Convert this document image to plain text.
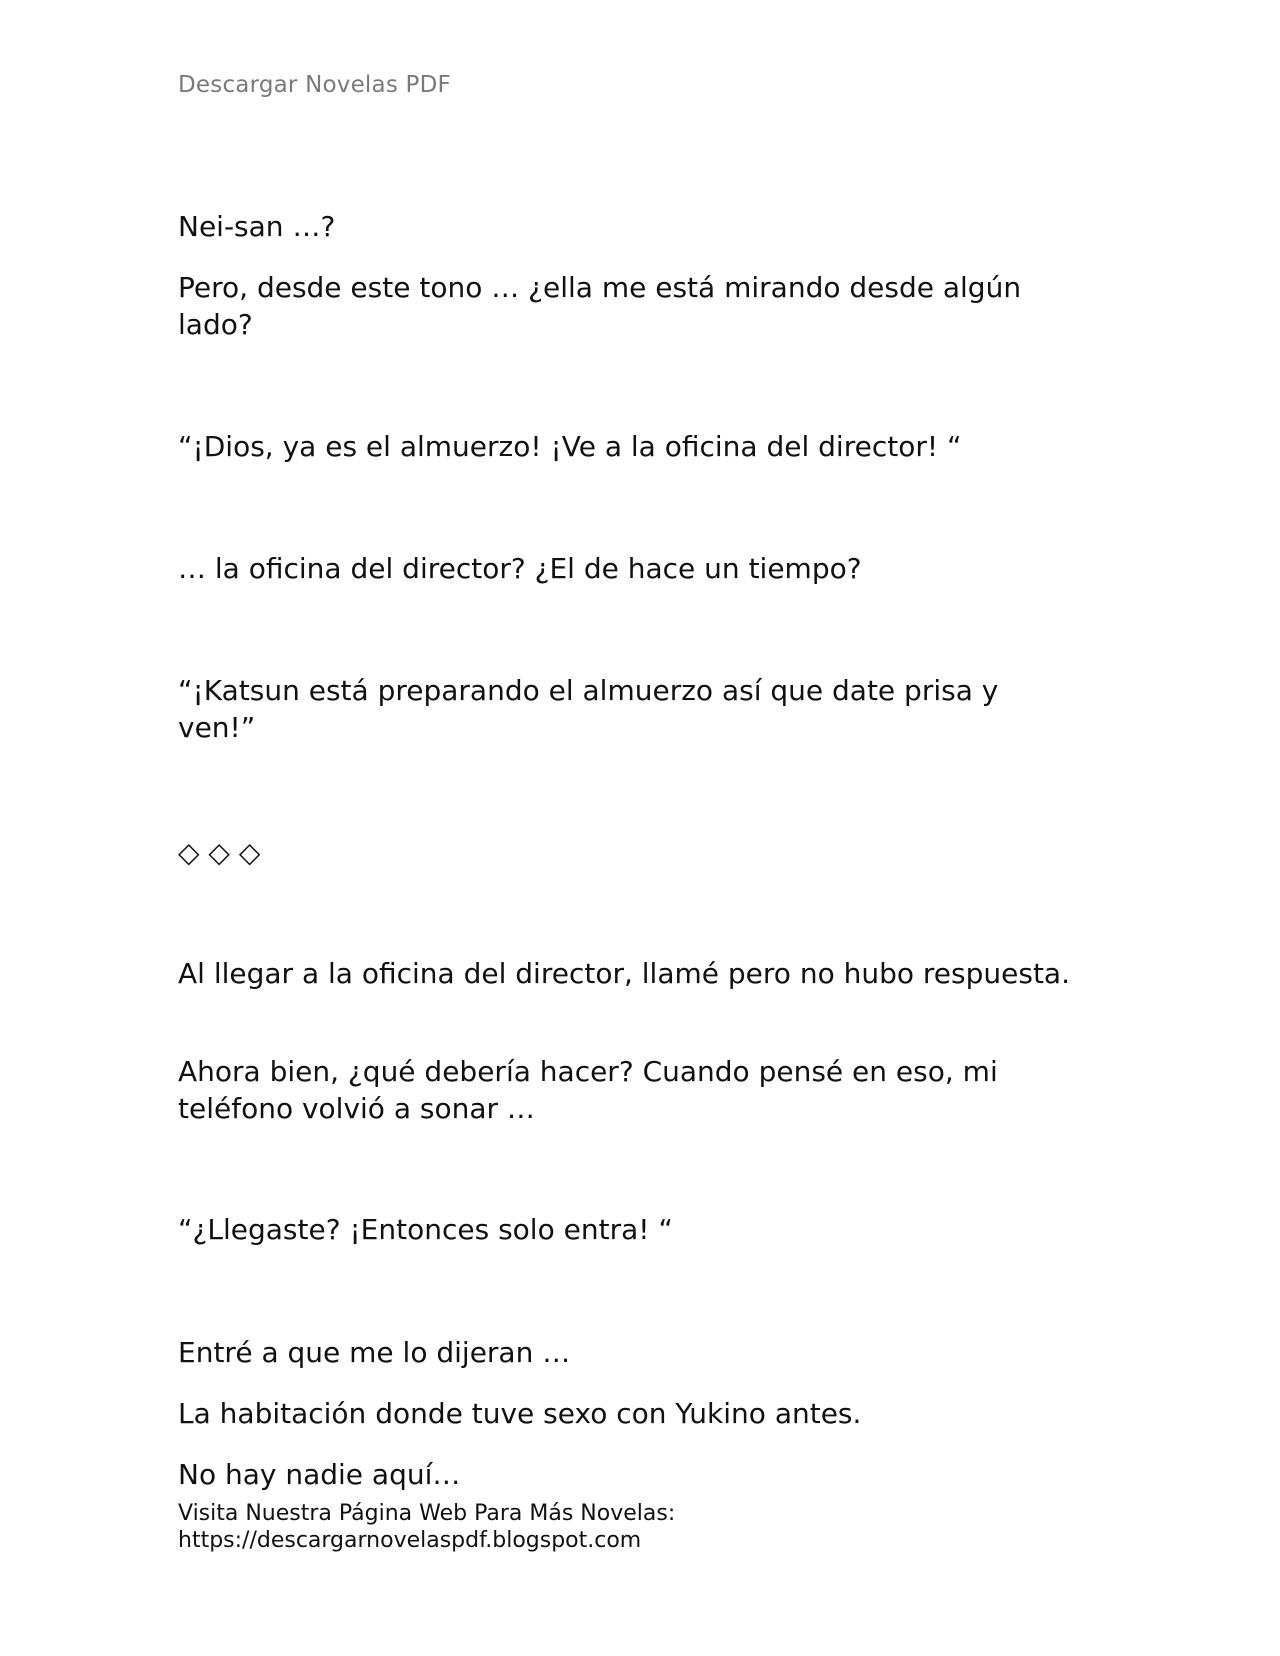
Descargar Novelas PDF

Nei-san …?

Pero, desde este tono … ¿ella me está mirando desde algún lado?

“¡Dios, ya es el almuerzo! ¡Ve a la oficina del director! “

… la oficina del director? ¿El de hace un tiempo?

“¡Katsun está preparando el almuerzo así que date prisa y ven!”

◇ ◇ ◇

Al llegar a la oficina del director, llamé pero no hubo respuesta.

Ahora bien, ¿qué debería hacer? Cuando pensé en eso, mi teléfono volvió a sonar …

“¿Llegaste? ¡Entonces solo entra! “

Entré a que me lo dijeran …

La habitación donde tuve sexo con Yukino antes.

No hay nadie aquí…

Visita Nuestra Página Web Para Más Novelas:
https://descargarnovelaspdf.blogspot.com
